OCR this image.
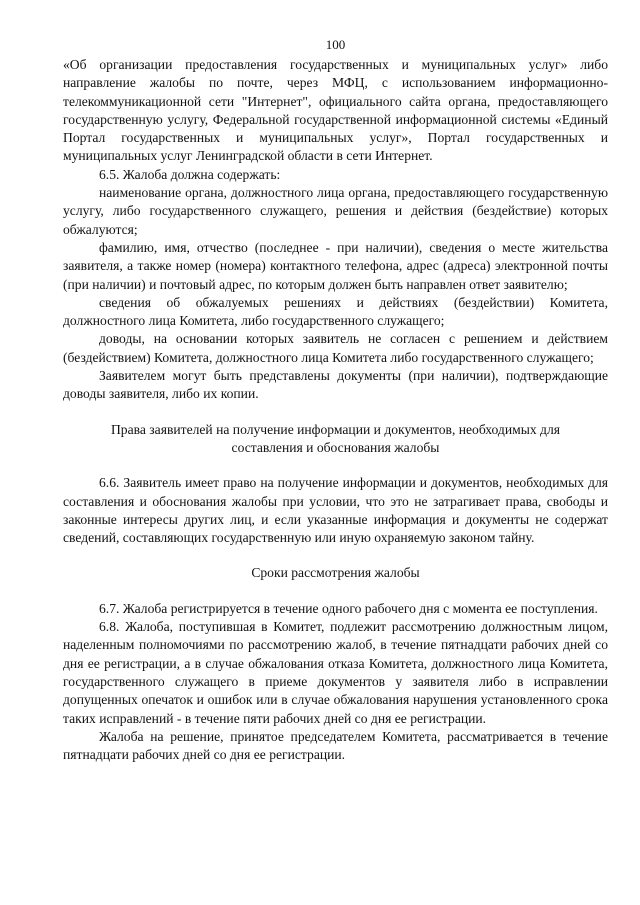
100

«Об организации предоставления государственных и муниципальных услуг» либо направление жалобы по почте, через МФЦ, с использованием информационно-телекоммуникационной сети "Интернет", официального сайта органа, предоставляющего государственную услугу, Федеральной государственной информационной системы «Единый Портал государственных и муниципальных услуг», Портал государственных и муниципальных услуг Ленинградской области в сети Интернет.

6.5. Жалоба должна содержать:

наименование органа, должностного лица органа, предоставляющего государственную услугу, либо государственного служащего, решения и действия (бездействие) которых обжалуются;

фамилию, имя, отчество (последнее - при наличии), сведения о месте жительства заявителя, а также номер (номера) контактного телефона, адрес (адреса) электронной почты (при наличии) и почтовый адрес, по которым должен быть направлен ответ заявителю;

сведения об обжалуемых решениях и действиях (бездействии) Комитета, должностного лица Комитета, либо государственного служащего;

доводы, на основании которых заявитель не согласен с решением и действием (бездействием) Комитета, должностного лица Комитета либо государственного служащего;

Заявителем могут быть представлены документы (при наличии), подтверждающие доводы заявителя, либо их копии.

Права заявителей на получение информации и документов, необходимых для
составления и обоснования жалобы

6.6. Заявитель имеет право на получение информации и документов, необходимых для составления и обоснования жалобы при условии, что это не затрагивает права, свободы и законные интересы других лиц, и если указанные информация и документы не содержат сведений, составляющих государственную или иную охраняемую законом тайну.

Сроки рассмотрения жалобы

6.7. Жалоба регистрируется в течение одного рабочего дня с момента ее поступления.

6.8. Жалоба, поступившая в Комитет, подлежит рассмотрению должностным лицом, наделенным полномочиями по рассмотрению жалоб, в течение пятнадцати рабочих дней со дня ее регистрации, а в случае обжалования отказа Комитета, должностного лица Комитета, государственного служащего в приеме документов у заявителя либо в исправлении допущенных опечаток и ошибок или в случае обжалования нарушения установленного срока таких исправлений - в течение пяти рабочих дней со дня ее регистрации.

Жалоба на решение, принятое председателем Комитета, рассматривается в течение пятнадцати рабочих дней со дня ее регистрации.
